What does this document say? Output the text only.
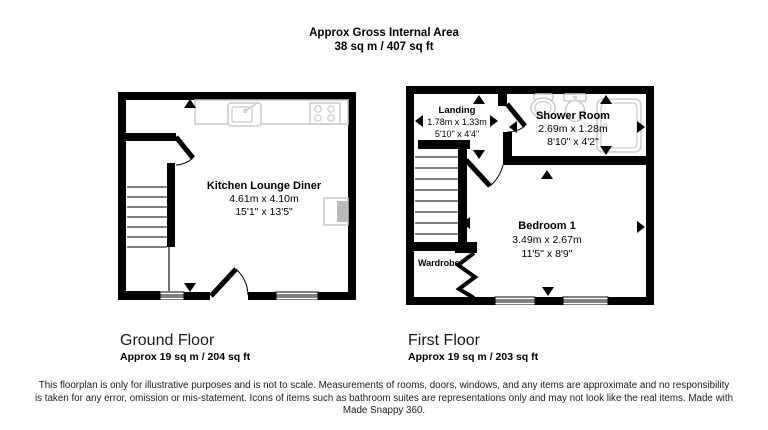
Approx Gross Internal Area
38 sq m / 407 sq ft
Kitchen Lounge Diner
4.61m x 4.10m
15'1" x 13'5"
Landing
1.78m x 1.33m
5'10" x 4'4"
Shower Room
2.69m x 1.28m
8'10" x 4'2"
Bedroom 1
3.49m x 2.67m
11'5" x 8'9"
Wardrobe
Ground Floor
Approx 19 sq m / 204 sq ft
First Floor
Approx 19 sq m / 203 sq ft
This floorplan is only for illustrative purposes and is not to scale. Measurements of rooms, doors, windows, and any items are approximate and no responsibility is taken for any error, omission or mis-statement. Icons of items such as bathroom suites are representations only and may not look like the real items. Made with Made Snappy 360.
